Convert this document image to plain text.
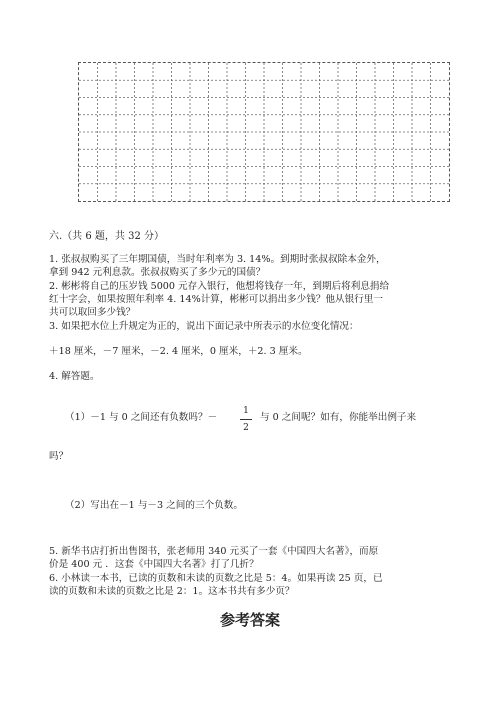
六.（共 6 题，共 32 分）
1. 张叔叔购买了三年期国债，当时年利率为 3. 14%。到期时张叔叔除本金外，
拿到 942 元利息款。张叔叔购买了多少元的国债？
2. 彬彬将自己的压岁钱 5000 元存入银行，他想将钱存一年，到期后将利息捐给
红十字会，如果按照年利率 4. 14%计算，彬彬可以捐出多少钱？他从银行里一
共可以取回多少钱？
3. 如果把水位上升规定为正的，说出下面记录中所表示的水位变化情况：
＋18 厘米，－7 厘米，－2. 4 厘米，0 厘米，＋2. 3 厘米。
4. 解答题。
（1）－1 与 0 之间还有负数吗？－
1
2
与 0 之间呢？如有，你能举出例子来
吗？
（2）写出在－1 与－3 之间的三个负数。
5. 新华书店打折出售图书，张老师用 340 元买了一套《中国四大名著》，而原
价是 400 元 ．这套《中国四大名著》打了几折？
6. 小林读一本书，已读的页数和未读的页数之比是 5：4。如果再读 25 页，已
读的页数和未读的页数之比是 2：1。这本书共有多少页？
参考答案
